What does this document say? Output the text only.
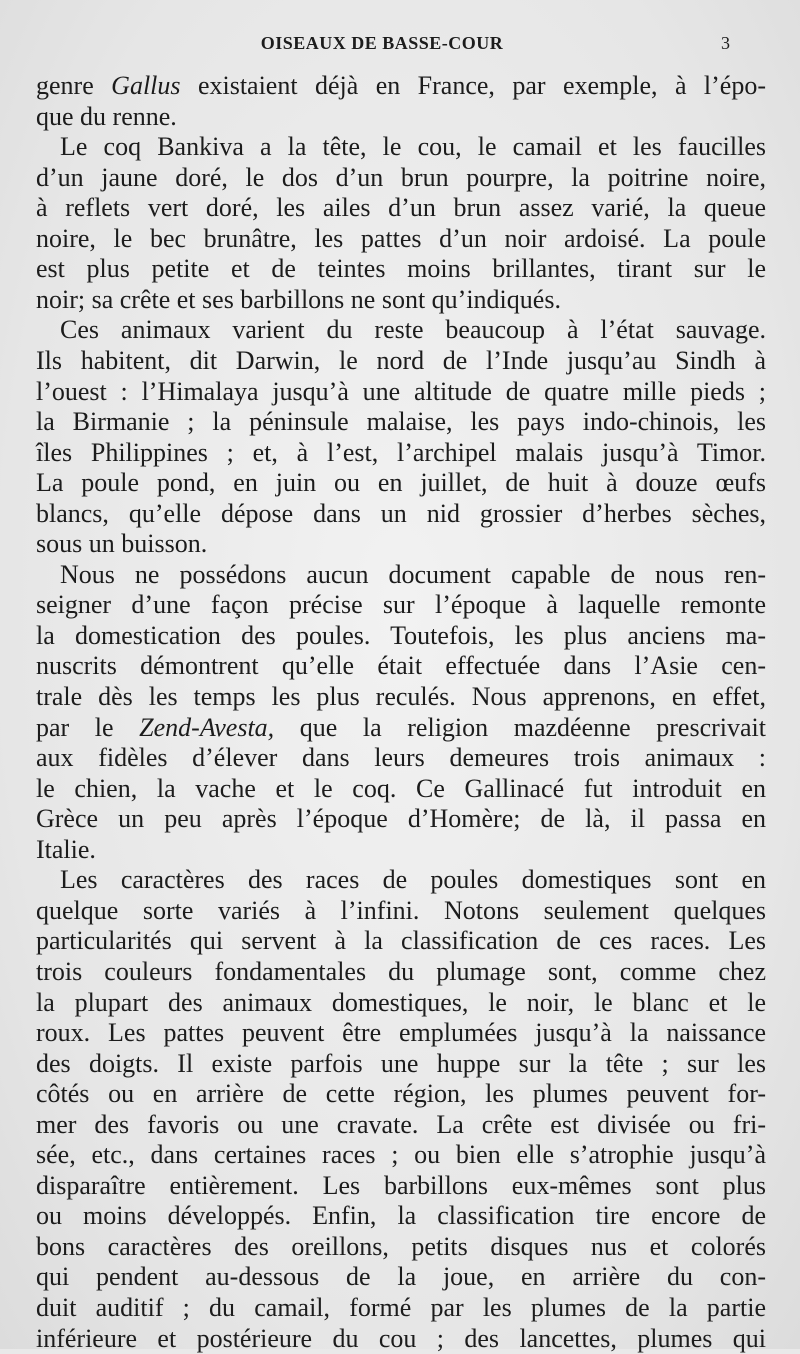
OISEAUX DE BASSE-COUR	3
genre Gallus existaient déjà en France, par exemple, à l’épo-
que du renne.
Le coq Bankiva a la tête, le cou, le camail et les faucilles
d’un jaune doré, le dos d’un brun pourpre, la poitrine noire,
à reflets vert doré, les ailes d’un brun assez varié, la queue
noire, le bec brunâtre, les pattes d’un noir ardoisé. La poule
est plus petite et de teintes moins brillantes, tirant sur le
noir; sa crête et ses barbillons ne sont qu’indiqués.
Ces animaux varient du reste beaucoup à l’état sauvage.
Ils habitent, dit Darwin, le nord de l’Inde jusqu’au Sindh à
l’ouest : l’Himalaya jusqu’à une altitude de quatre mille pieds ;
la Birmanie ; la péninsule malaise, les pays indo-chinois, les
îles Philippines ; et, à l’est, l’archipel malais jusqu’à Timor.
La poule pond, en juin ou en juillet, de huit à douze œufs
blancs, qu’elle dépose dans un nid grossier d’herbes sèches,
sous un buisson.
Nous ne possédons aucun document capable de nous ren-
seigner d’une façon précise sur l’époque à laquelle remonte
la domestication des poules. Toutefois, les plus anciens ma-
nuscrits démontrent qu’elle était effectuée dans l’Asie cen-
trale dès les temps les plus reculés. Nous apprenons, en effet,
par le Zend-Avesta, que la religion mazdéenne prescrivait
aux fidèles d’élever dans leurs demeures trois animaux :
le chien, la vache et le coq. Ce Gallinacé fut introduit en
Grèce un peu après l’époque d’Homère; de là, il passa en
Italie.
Les caractères des races de poules domestiques sont en
quelque sorte variés à l’infini. Notons seulement quelques
particularités qui servent à la classification de ces races. Les
trois couleurs fondamentales du plumage sont, comme chez
la plupart des animaux domestiques, le noir, le blanc et le
roux. Les pattes peuvent être emplumées jusqu’à la naissance
des doigts. Il existe parfois une huppe sur la tête ; sur les
côtés ou en arrière de cette région, les plumes peuvent for-
mer des favoris ou une cravate. La crête est divisée ou fri-
sée, etc., dans certaines races ; ou bien elle s’atrophie jusqu’à
disparaître entièrement. Les barbillons eux-mêmes sont plus
ou moins développés. Enfin, la classification tire encore de
bons caractères des oreillons, petits disques nus et colorés
qui pendent au-dessous de la joue, en arrière du con-
duit auditif ; du camail, formé par les plumes de la partie
inférieure et postérieure du cou ; des lancettes, plumes qui
